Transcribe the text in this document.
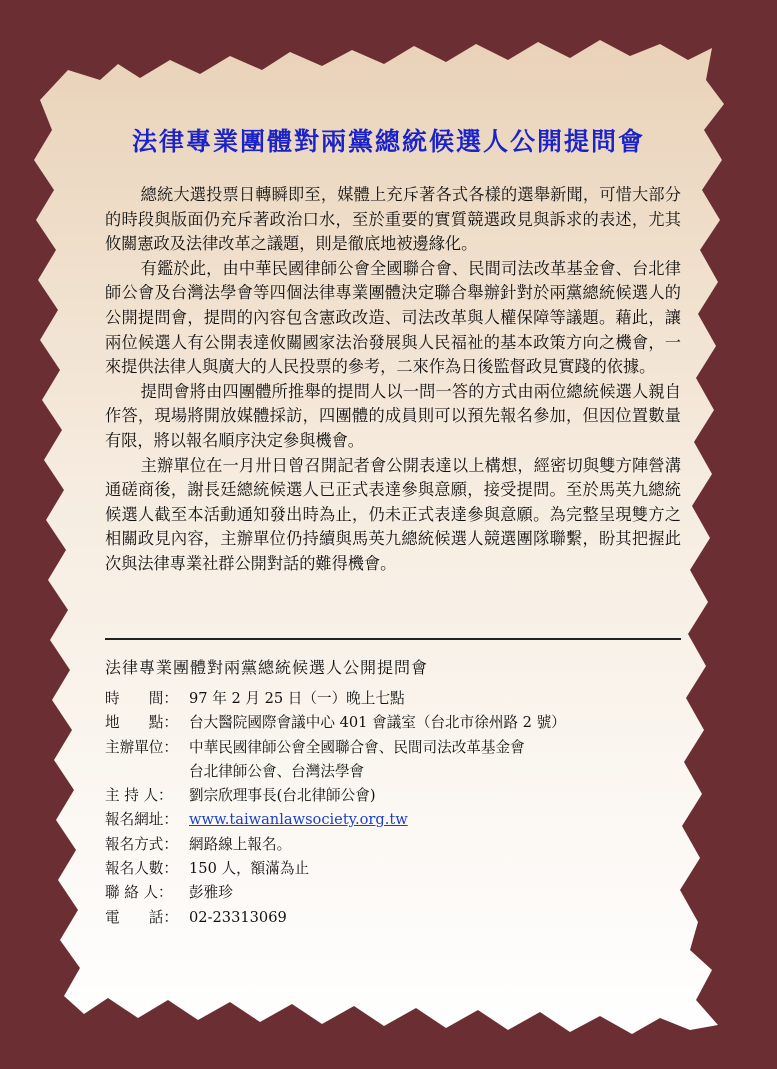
法律專業團體對兩黨總統候選人公開提問會

總統大選投票日轉瞬即至，媒體上充斥著各式各樣的選舉新聞，可惜大部分的時段與版面仍充斥著政治口水，至於重要的實質競選政見與訴求的表述，尤其攸關憲政及法律改革之議題，則是徹底地被邊緣化。

有鑑於此，由中華民國律師公會全國聯合會、民間司法改革基金會、台北律師公會及台灣法學會等四個法律專業團體決定聯合舉辦針對於兩黨總統候選人的公開提問會，提問的內容包含憲政改造、司法改革與人權保障等議題。藉此，讓兩位候選人有公開表達攸關國家法治發展與人民福祉的基本政策方向之機會，一來提供法律人與廣大的人民投票的參考，二來作為日後監督政見實踐的依據。

提問會將由四團體所推舉的提問人以一問一答的方式由兩位總統候選人親自作答，現場將開放媒體採訪，四團體的成員則可以預先報名參加，但因位置數量有限，將以報名順序決定參與機會。

主辦單位在一月卅日曾召開記者會公開表達以上構想，經密切與雙方陣營溝通磋商後，謝長廷總統候選人已正式表達參與意願，接受提問。至於馬英九總統候選人截至本活動通知發出時為止，仍未正式表達參與意願。為完整呈現雙方之相關政見內容，主辦單位仍持續與馬英九總統候選人競選團隊聯繫，盼其把握此次與法律專業社群公開對話的難得機會。

法律專業團體對兩黨總統候選人公開提問會
時　　間： 97 年 2 月 25 日（一）晚上七點
地　　點： 台大醫院國際會議中心 401 會議室（台北市徐州路 2 號）
主辦單位： 中華民國律師公會全國聯合會、民間司法改革基金會
台北律師公會、台灣法學會
主 持 人：	劉宗欣理事長(台北律師公會)
報名網址： www.taiwanlawsociety.org.tw
報名方式： 網路線上報名。
報名人數： 150 人，額滿為止
聯 絡 人：	彭雅珍
電　　話： 02-23313069
